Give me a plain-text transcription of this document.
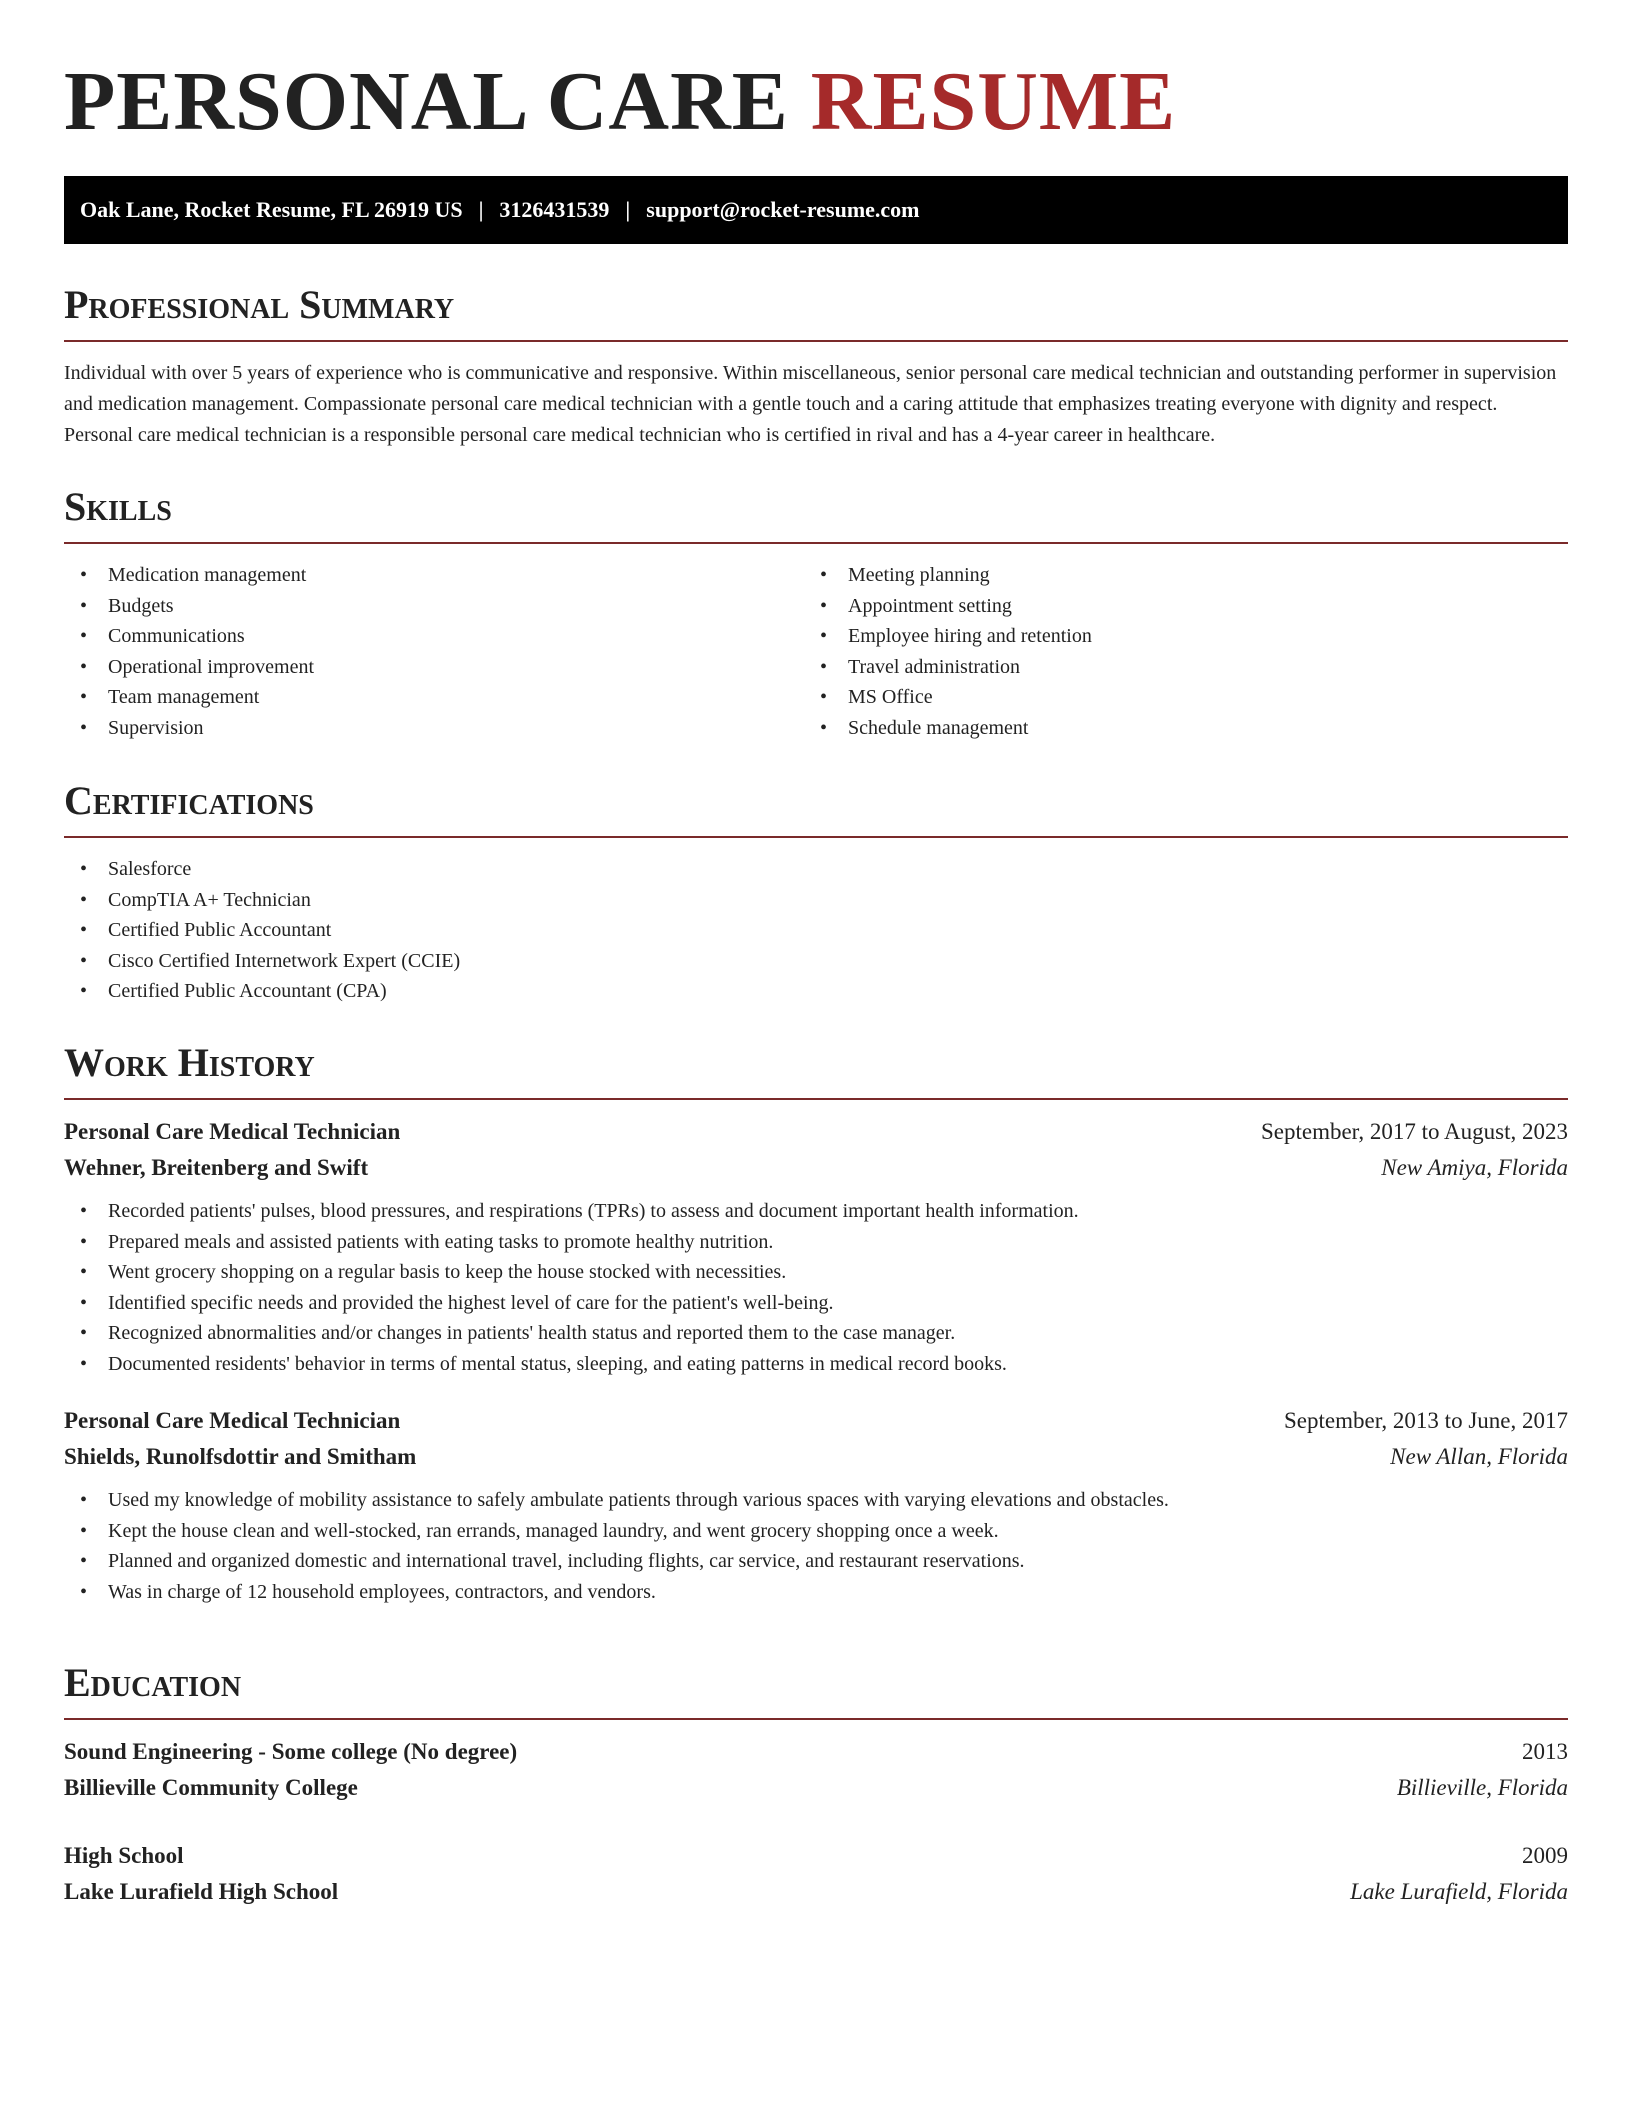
PERSONAL CARE RESUME
Oak Lane, Rocket Resume, FL 26919 US | 3126431539 | support@rocket-resume.com
Professional Summary

Individual with over 5 years of experience who is communicative and responsive. Within miscellaneous, senior personal care medical technician and outstanding performer in supervision and medication management. Compassionate personal care medical technician with a gentle touch and a caring attitude that emphasizes treating everyone with dignity and respect. Personal care medical technician is a responsible personal care medical technician who is certified in rival and has a 4-year career in healthcare.

Skills
• Medication management
• Budgets
• Communications
• Operational improvement
• Team management
• Supervision
• Meeting planning
• Appointment setting
• Employee hiring and retention
• Travel administration
• MS Office
• Schedule management
Certifications
• Salesforce
• CompTIA A+ Technician
• Certified Public Accountant
• Cisco Certified Internetwork Expert (CCIE)
• Certified Public Accountant (CPA)
Work History
Personal Care Medical Technician	September, 2017 to August, 2023
Wehner, Breitenberg and Swift	New Amiya, Florida
• Recorded patients' pulses, blood pressures, and respirations (TPRs) to assess and document important health information.
• Prepared meals and assisted patients with eating tasks to promote healthy nutrition.
• Went grocery shopping on a regular basis to keep the house stocked with necessities.
• Identified specific needs and provided the highest level of care for the patient's well-being.
• Recognized abnormalities and/or changes in patients' health status and reported them to the case manager.
• Documented residents' behavior in terms of mental status, sleeping, and eating patterns in medical record books.
Personal Care Medical Technician	September, 2013 to June, 2017
Shields, Runolfsdottir and Smitham	New Allan, Florida
• Used my knowledge of mobility assistance to safely ambulate patients through various spaces with varying elevations and obstacles.
• Kept the house clean and well-stocked, ran errands, managed laundry, and went grocery shopping once a week.
• Planned and organized domestic and international travel, including flights, car service, and restaurant reservations.
• Was in charge of 12 household employees, contractors, and vendors.
Education
Sound Engineering - Some college (No degree)	2013
Billieville Community College	Billieville, Florida
High School	2009
Lake Lurafield High School	Lake Lurafield, Florida
